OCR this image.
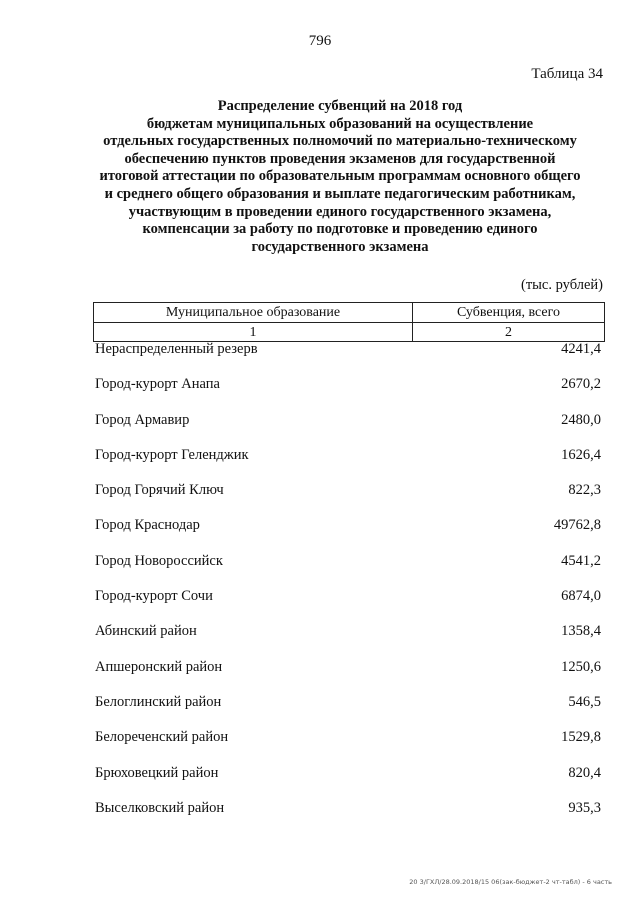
796
Таблица 34
Распределение субвенций на 2018 год
бюджетам муниципальных образований на осуществление
отдельных государственных полномочий по материально-техническому
обеспечению пунктов проведения экзаменов для государственной
итоговой аттестации по образовательным программам основного общего
и среднего общего образования и выплате педагогическим работникам,
участвующим в проведении единого государственного экзамена,
компенсации за работу по подготовке и проведению единого
государственного экзамена
(тыс. рублей)
Муниципальное образование	Субвенция, всего
1	2
Нераспределенный резерв	4241,4
Город-курорт Анапа	2670,2
Город Армавир	2480,0
Город-курорт Геленджик	1626,4
Город Горячий Ключ	822,3
Город Краснодар	49762,8
Город Новороссийск	4541,2
Город-курорт Сочи	6874,0
Абинский район	1358,4
Апшеронский район	1250,6
Белоглинский район	546,5
Белореченский район	1529,8
Брюховецкий район	820,4
Выселковский район	935,3
20 3/ГХЛ/28.09.2018/15 06(зак-бюджет-2 чт-табл) - 6 часть
